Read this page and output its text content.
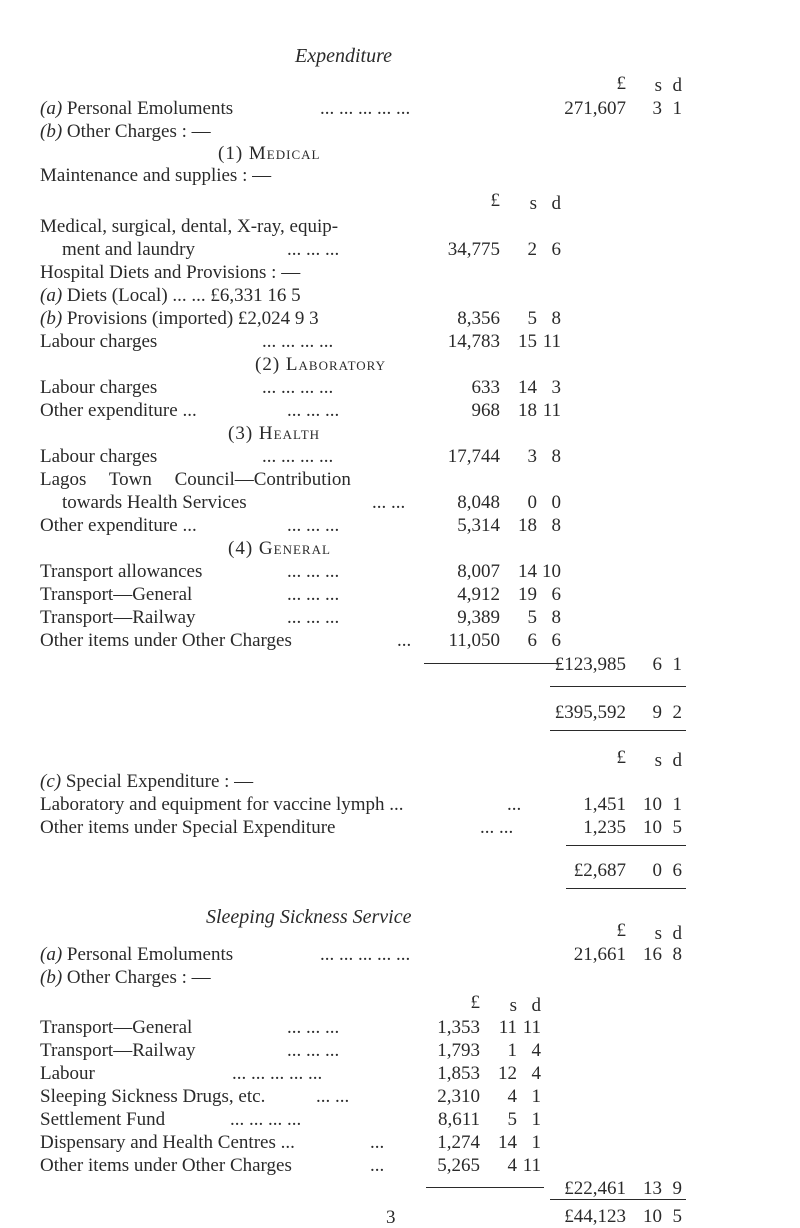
Expenditure
£	s d
(a) Personal Emoluments	... ... ... ... ...	271,607	3 1
(b) Other Charges : —
(1) Medical
Maintenance and supplies : —
£	s d
Medical, surgical, dental, X-ray, equip-
ment and laundry	... ... ...	34,775	2 6
Hospital Diets and Provisions : —
(a) Diets (Local) ... ... £6,331 16 5
(b) Provisions (imported) £2,024 9 3	8,356	5 8
Labour charges	... ... ... ...	14,783 15 11
(2) Laboratory
Labour charges	... ... ... ...	633 14 3
Other expenditure ...	... ... ...	968 18 11
(3) Health
Labour charges	... ... ... ...	17,744	3 8
Lagos Town Council—Contribution
towards Health Services	... ...	8,048	0 0
Other expenditure ...	... ... ...	5,314 18 8
(4) General
Transport allowances	... ... ...	8,007 14 10
Transport—General	... ... ...	4,912 19 6
Transport—Railway	... ... ...	9,389	5 8
Other items under Other Charges	...	11,050	6 6
£123,985	6 1
£395,592	9 2
£	s d
(c) Special Expenditure : —
Laboratory and equipment for vaccine lymph ...	...	1,451 10 1
Other items under Special Expenditure	... ...	1,235 10 5
£2,687	0 6
Sleeping Sickness Service
£	s d
(a) Personal Emoluments	... ... ... ... ...	21,661 16 8
(b) Other Charges : —
£	s d
Transport—General	... ... ...	1,353 11 11
Transport—Railway	... ... ...	1,793	1 4
Labour	... ... ... ... ...	1,853 12 4
Sleeping Sickness Drugs, etc.	... ...	2,310	4 1
Settlement Fund	... ... ... ...	8,611	5 1
Dispensary and Health Centres ...	...	1,274 14 1
Other items under Other Charges	...	5,265	4 11
£22,461 13 9
£44,123 10 5
3
